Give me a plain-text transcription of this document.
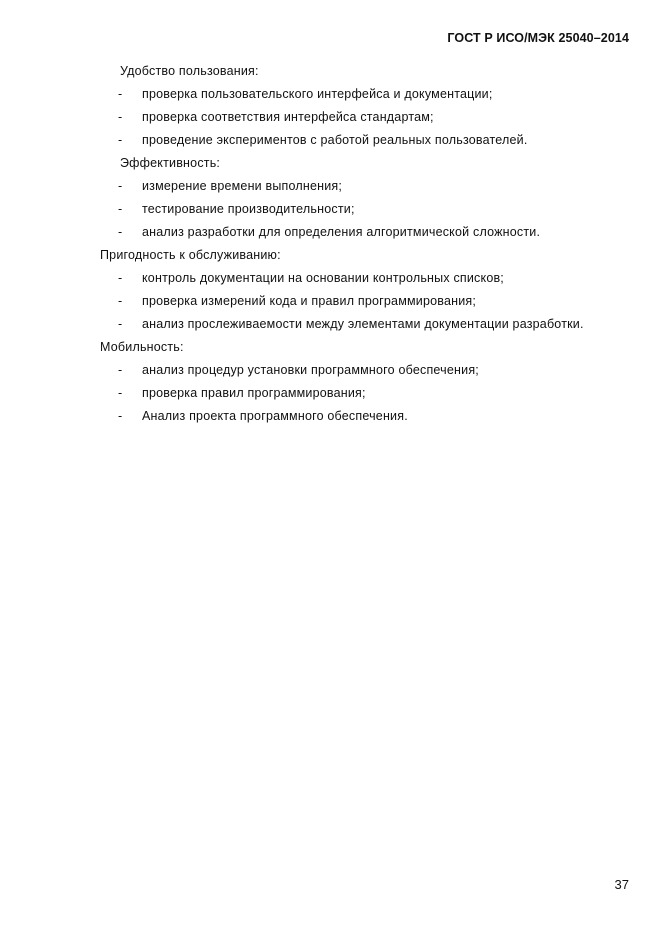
ГОСТ Р ИСО/МЭК 25040–2014
Удобство пользования:
- проверка пользовательского интерфейса и документации;
- проверка соответствия интерфейса стандартам;
- проведение экспериментов с работой реальных пользователей.
Эффективность:
- измерение времени выполнения;
- тестирование производительности;
- анализ разработки для определения алгоритмической сложности.
Пригодность к обслуживанию:
- контроль документации на основании контрольных списков;
- проверка измерений кода и правил программирования;
- анализ прослеживаемости между элементами документации разработки.
Мобильность:
- анализ процедур установки программного обеспечения;
- проверка правил программирования;
- Анализ проекта программного обеспечения.
37
